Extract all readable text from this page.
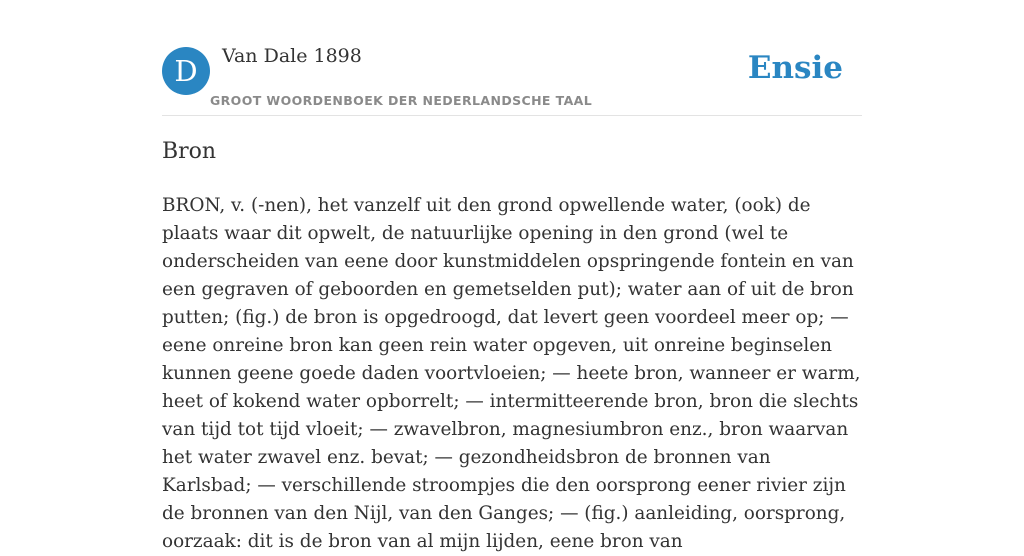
D	Van Dale 1898
GROOT WOORDENBOEK DER NEDERLANDSCHE TAAL
Ensie
Bron

BRON, v. (-nen), het vanzelf uit den grond opwellende water, (ook) de plaats waar dit opwelt, de natuurlijke opening in den grond (wel te onderscheiden van eene door kunstmiddelen opspringende fontein en van een gegraven of geboorden en gemetselden put); water aan of uit de bron putten; (fig.) de bron is opgedroogd, dat levert geen voordeel meer op; — eene onreine bron kan geen rein water opgeven, uit onreine beginselen kunnen geene goede daden voortvloeien; — heete bron, wanneer er warm, heet of kokend water opborrelt; — intermitteerende bron, bron die slechts van tijd tot tijd vloeit; — zwavelbron, magnesiumbron enz., bron waarvan het water zwavel enz. bevat; — gezondheidsbron de bronnen van Karlsbad; — verschillende stroompjes die den oorsprong eener rivier zijn de bronnen van den Nijl, van den Ganges; — (fig.) aanleiding, oorsprong, oorzaak: dit is de bron van al mijn lijden, eene bron van
